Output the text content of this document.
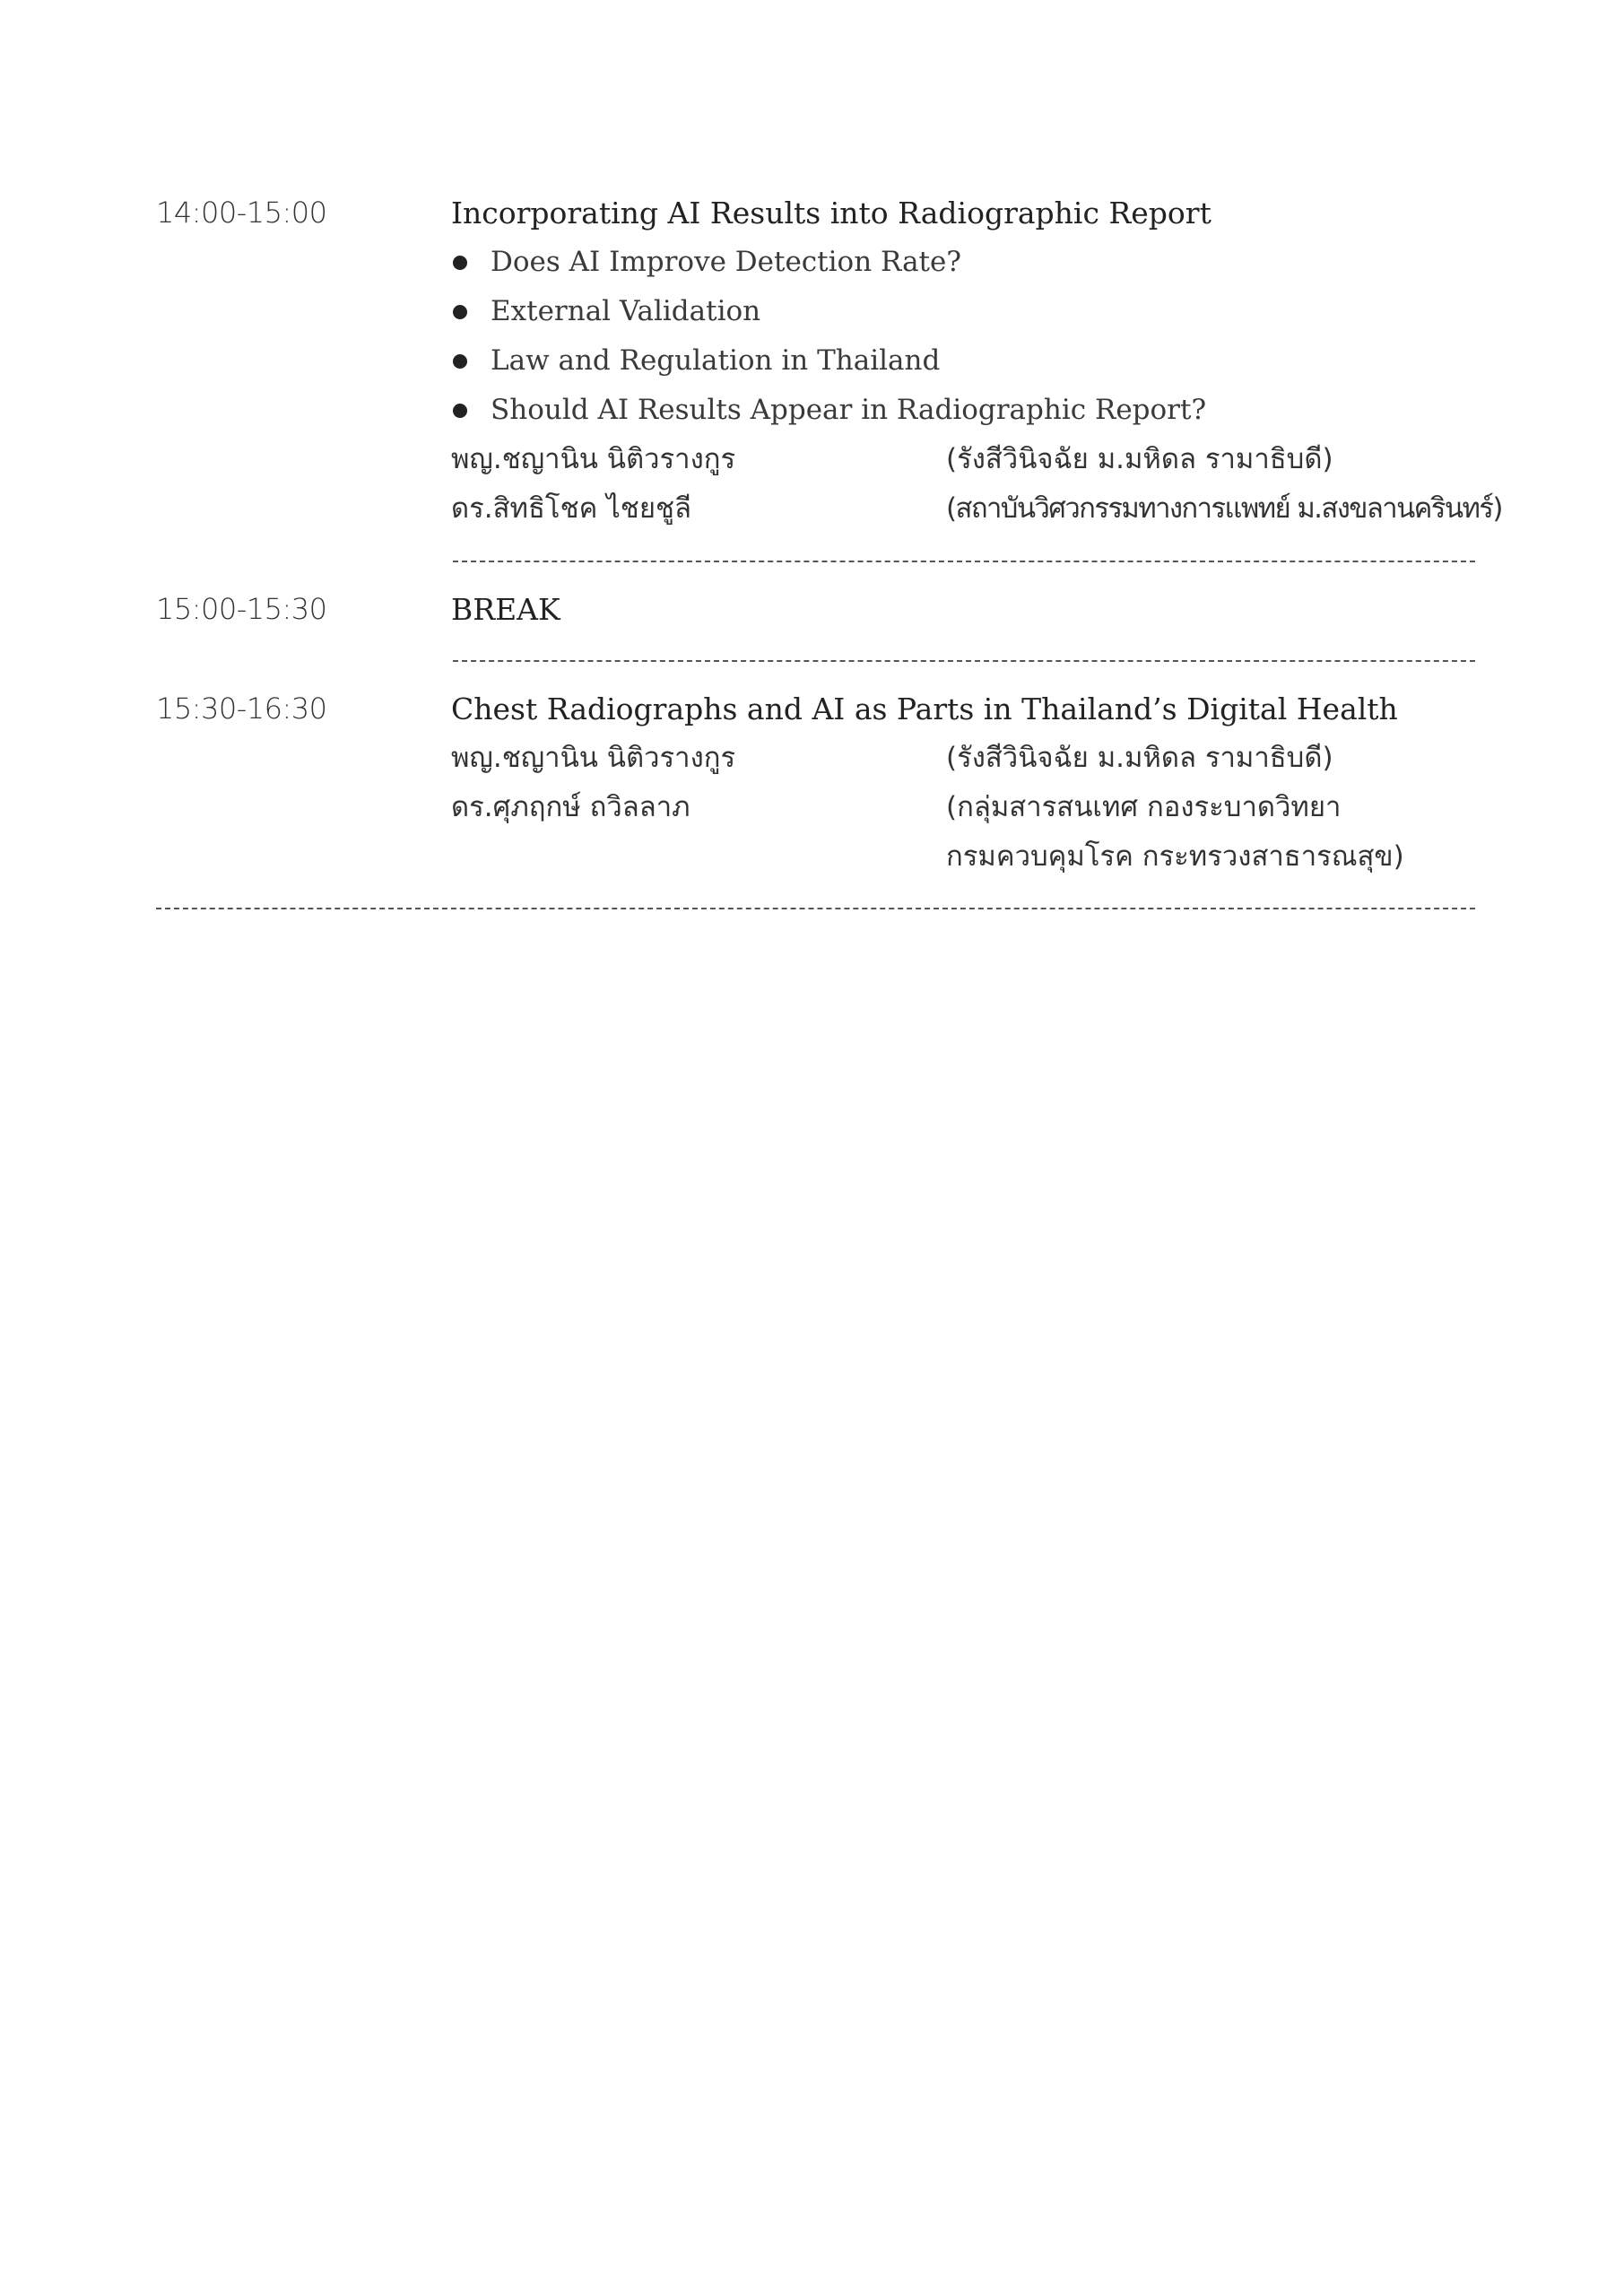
14:00-15:00	Incorporating AI Results into Radiographic Report
Does AI Improve Detection Rate?
External Validation
Law and Regulation in Thailand
Should AI Results Appear in Radiographic Report?
พญ.ชญานิน นิติวรางกูร	(รังสีวินิจฉัย ม.มหิดล รามาธิบดี)
ดร.สิทธิโชค ไชยชูลี	(สถาบันวิศวกรรมทางการแพทย์ ม.สงขลานครินทร์)
15:00-15:30	BREAK
15:30-16:30	Chest Radiographs and AI as Parts in Thailand’s Digital Health
พญ.ชญานิน นิติวรางกูร	(รังสีวินิจฉัย ม.มหิดล รามาธิบดี)
ดร.ศุภฤกษ์ ถวิลลาภ	(กลุ่มสารสนเทศ กองระบาดวิทยา
กรมควบคุมโรค กระทรวงสาธารณสุข)
